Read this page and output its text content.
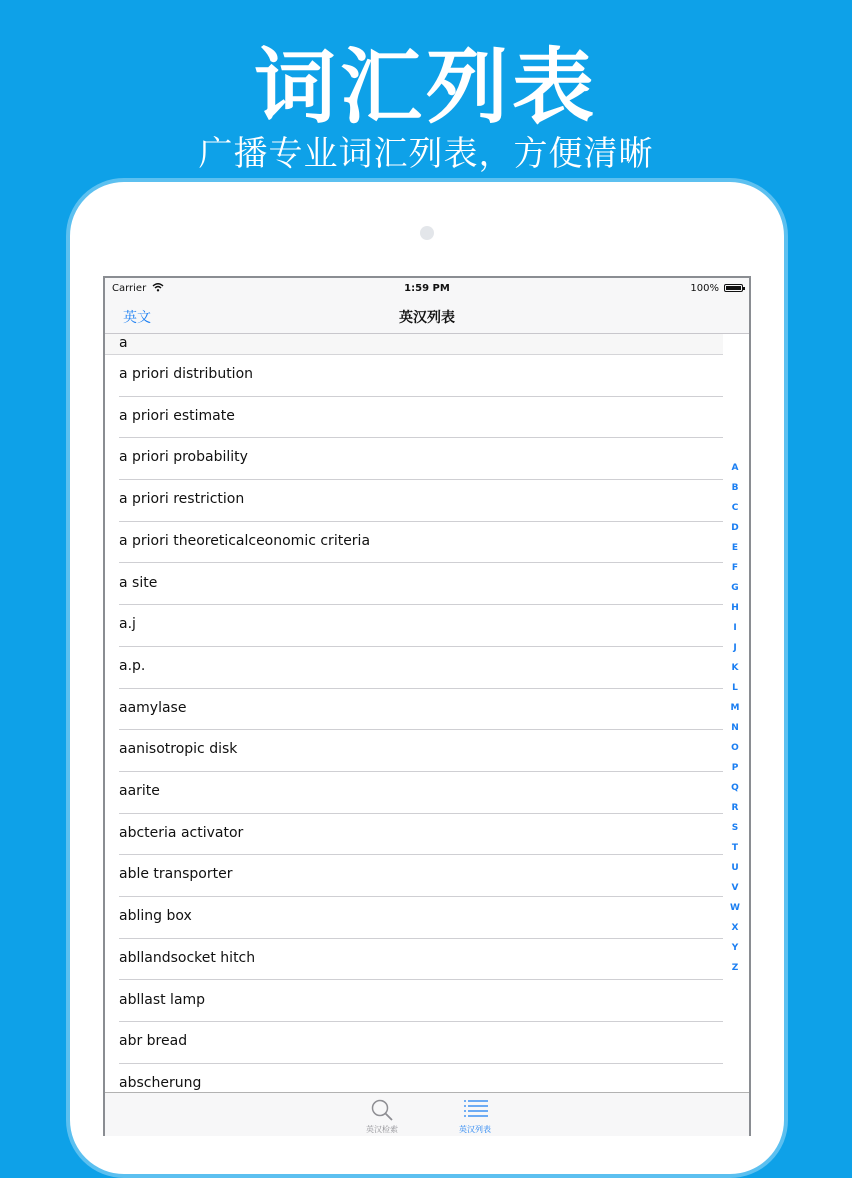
词汇列表
广播专业词汇列表，方便清晰
Carrier	1:59 PM	100%
英文	英汉列表
a
a priori distribution
a priori estimate
a priori probability
a priori restriction
a priori theoreticalceonomic criteria
a site
a.j
a.p.
aamylase
aanisotropic disk
aarite
abcteria activator
able transporter
abling box
abllandsocket hitch
abllast lamp
abr bread
abscherung
A
B
C
D
E
F
G
H
I
J
K
L
M
N
O
P
Q
R
S
T
U
V
W
X
Y
Z
英汉检索	英汉列表
